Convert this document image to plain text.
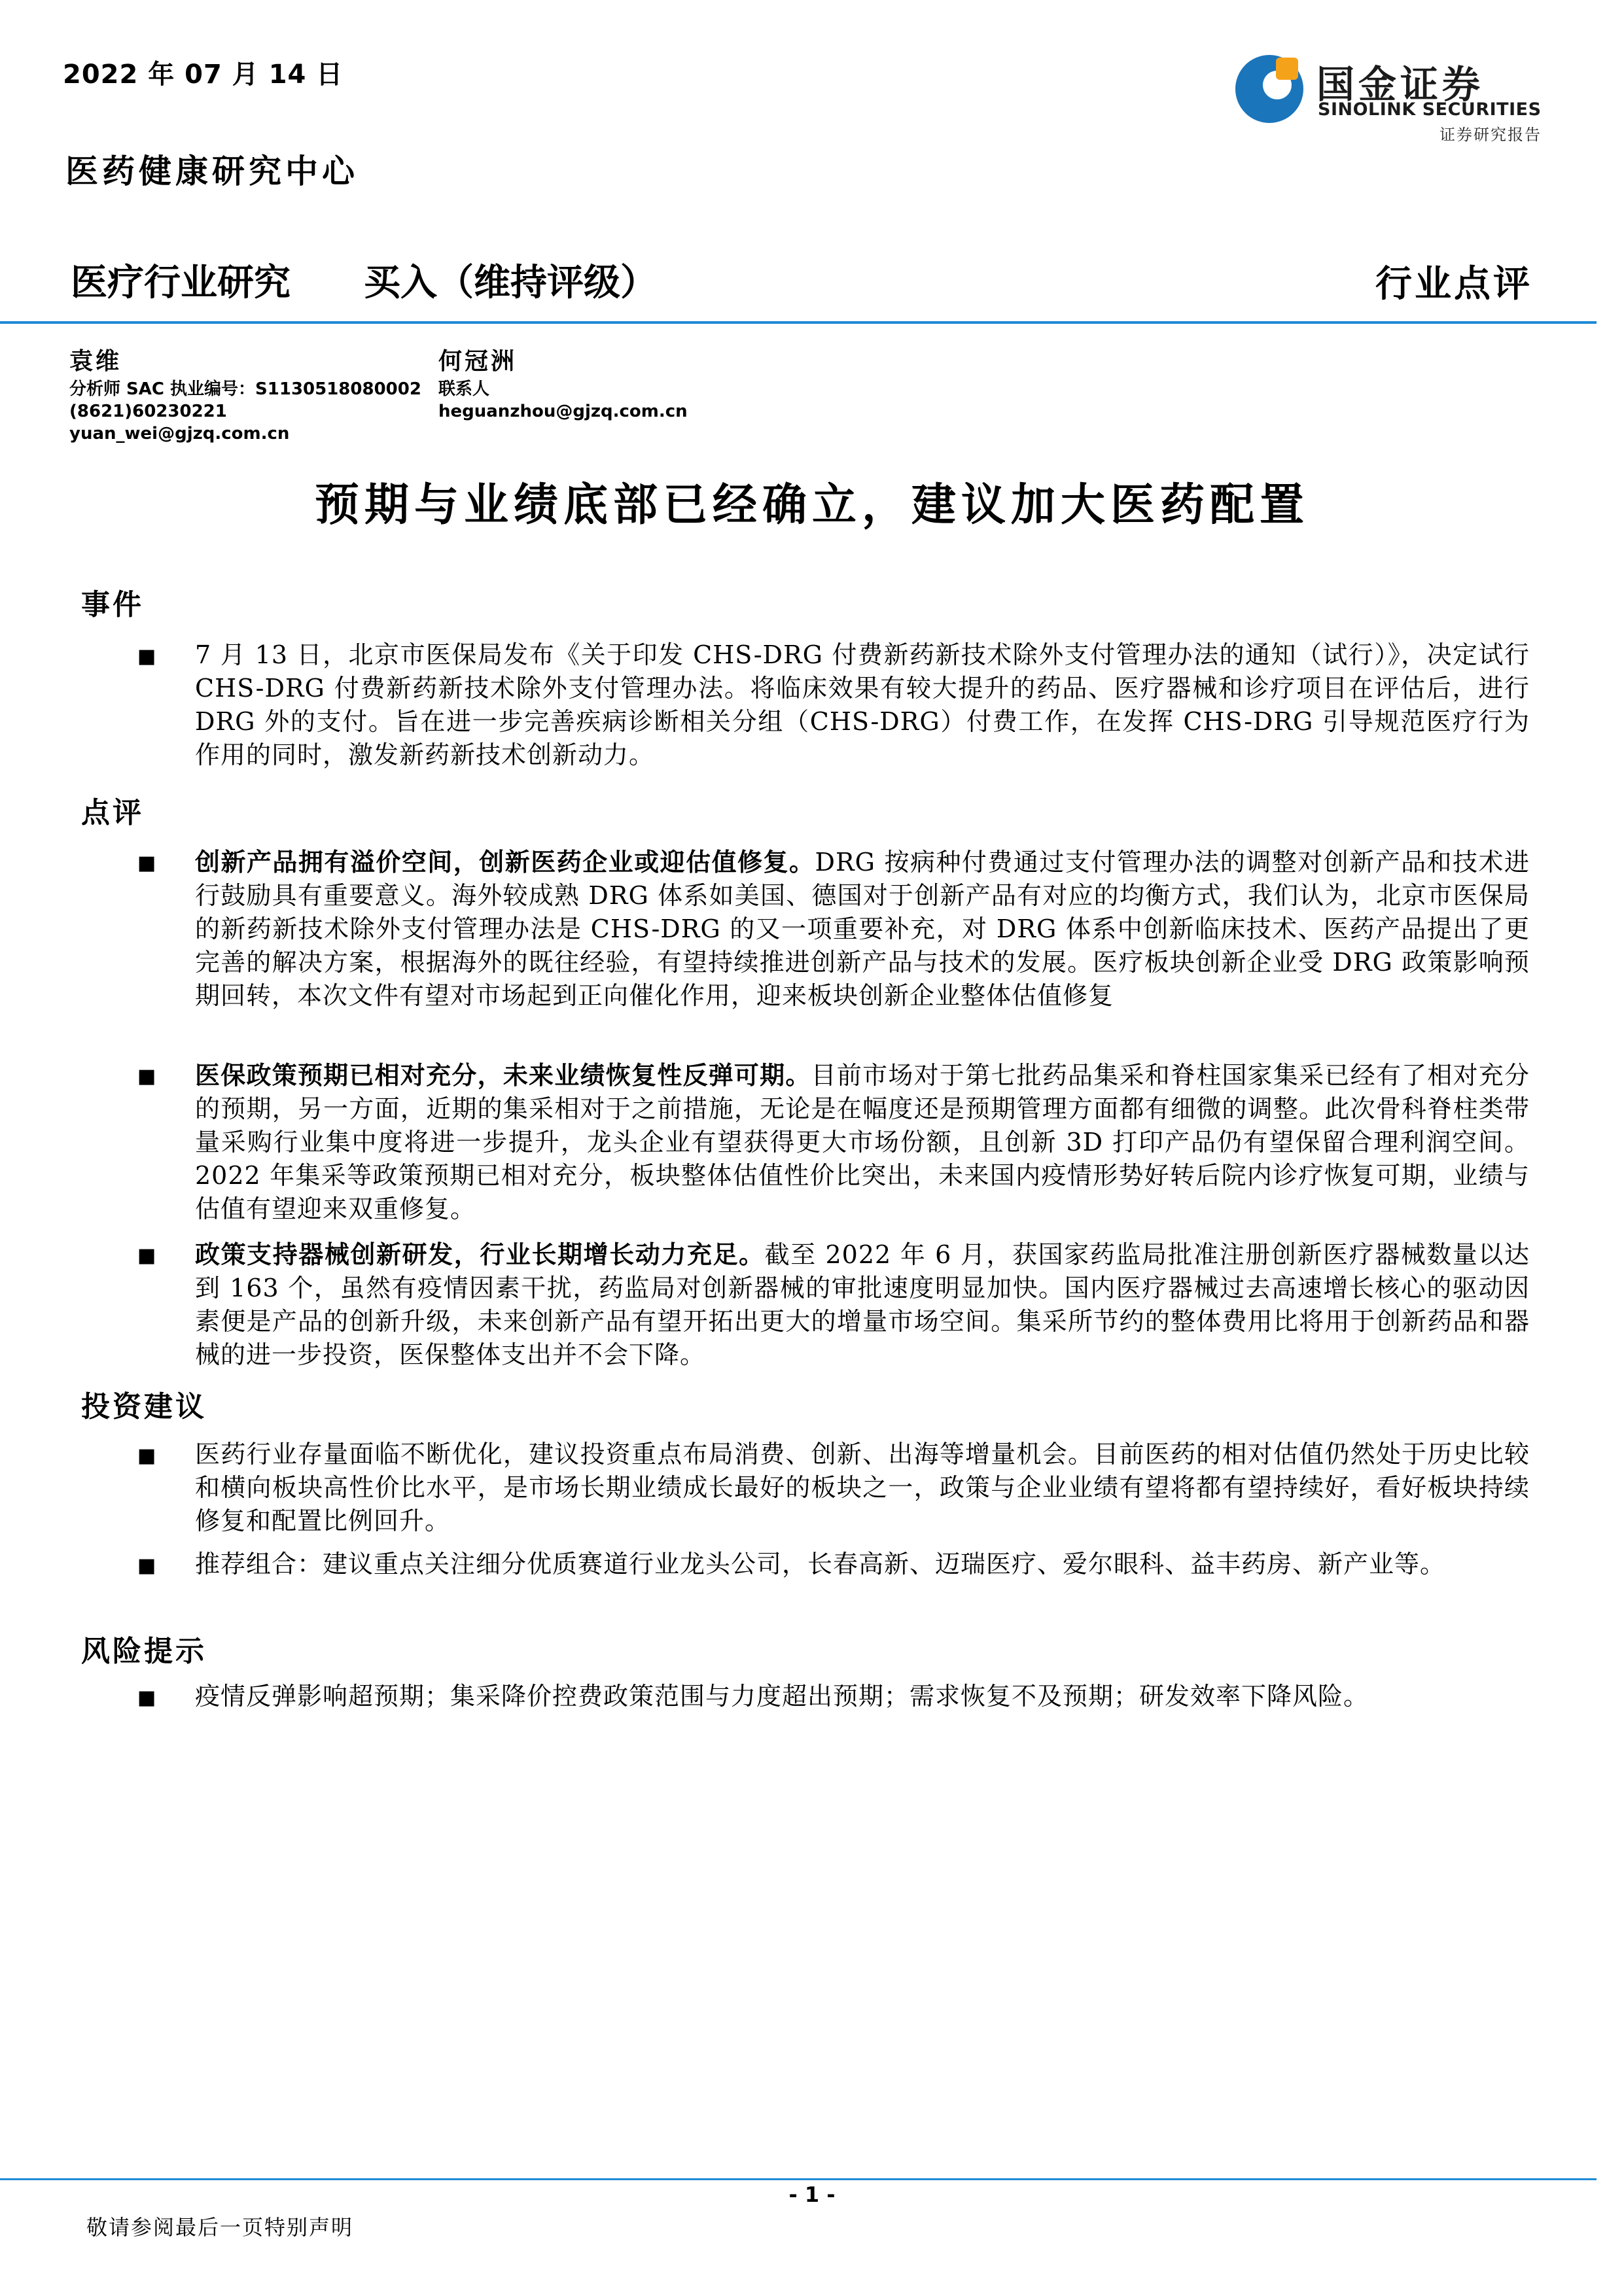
2022 年 07 月 14 日	国金证券
SINOLINK SECURITIES
证券研究报告
医药健康研究中心
医疗行业研究 买入（维持评级）	行业点评
袁维
分析师 SAC 执业编号：S1130518080002
(8621)60230221
yuan_wei@gjzq.com.cn
何冠洲
联系人
heguanzhou@gjzq.com.cn
预期与业绩底部已经确立，建议加大医药配置
事件
■ 7 月 13 日，北京市医保局发布《关于印发 CHS-DRG 付费新药新技术除外支付管理办法的通知（试行）》，决定试行 CHS-DRG 付费新药新技术除外支付管理办法。将临床效果有较大提升的药品、医疗器械和诊疗项目在评估后，进行 DRG 外的支付。旨在进一步完善疾病诊断相关分组（CHS-DRG）付费工作，在发挥 CHS-DRG 引导规范医疗行为作用的同时，激发新药新技术创新动力。
点评
■ 创新产品拥有溢价空间，创新医药企业或迎估值修复。DRG 按病种付费通过支付管理办法的调整对创新产品和技术进行鼓励具有重要意义。海外较成熟 DRG 体系如美国、德国对于创新产品有对应的均衡方式，我们认为，北京市医保局的新药新技术除外支付管理办法是 CHS-DRG 的又一项重要补充，对 DRG 体系中创新临床技术、医药产品提出了更完善的解决方案，根据海外的既往经验，有望持续推进创新产品与技术的发展。医疗板块创新企业受 DRG 政策影响预期回转，本次文件有望对市场起到正向催化作用，迎来板块创新企业整体估值修复
■ 医保政策预期已相对充分，未来业绩恢复性反弹可期。目前市场对于第七批药品集采和脊柱国家集采已经有了相对充分的预期，另一方面，近期的集采相对于之前措施，无论是在幅度还是预期管理方面都有细微的调整。此次骨科脊柱类带量采购行业集中度将进一步提升，龙头企业有望获得更大市场份额，且创新 3D 打印产品仍有望保留合理利润空间。2022 年集采等政策预期已相对充分，板块整体估值性价比突出，未来国内疫情形势好转后院内诊疗恢复可期，业绩与估值有望迎来双重修复。
■ 政策支持器械创新研发，行业长期增长动力充足。截至 2022 年 6 月，获国家药监局批准注册创新医疗器械数量以达到 163 个，虽然有疫情因素干扰，药监局对创新器械的审批速度明显加快。国内医疗器械过去高速增长核心的驱动因素便是产品的创新升级，未来创新产品有望开拓出更大的增量市场空间。集采所节约的整体费用比将用于创新药品和器械的进一步投资，医保整体支出并不会下降。
投资建议
■ 医药行业存量面临不断优化，建议投资重点布局消费、创新、出海等增量机会。目前医药的相对估值仍然处于历史比较和横向板块高性价比水平，是市场长期业绩成长最好的板块之一，政策与企业业绩有望将都有望持续好，看好板块持续修复和配置比例回升。
■ 推荐组合：建议重点关注细分优质赛道行业龙头公司，长春高新、迈瑞医疗、爱尔眼科、益丰药房、新产业等。
风险提示
■ 疫情反弹影响超预期；集采降价控费政策范围与力度超出预期；需求恢复不及预期；研发效率下降风险。
- 1 -
敬请参阅最后一页特别声明
